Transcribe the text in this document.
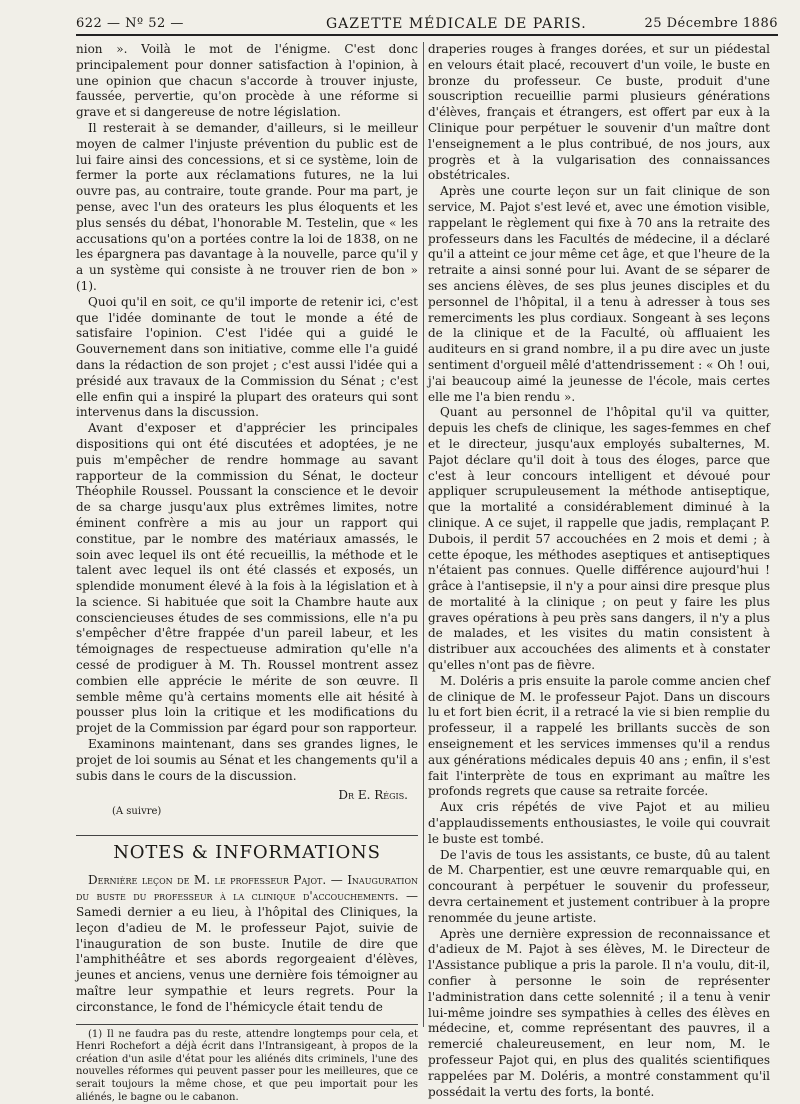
622 — Nº 52 —	GAZETTE MÉDICALE DE PARIS.	25 Décembre 1886

nion ». Voilà le mot de l'énigme. C'est donc principalement pour donner satisfaction à l'opinion, à une opinion que chacun s'accorde à trouver injuste, faussée, pervertie, qu'on procède à une réforme si grave et si dangereuse de notre législation.

Il resterait à se demander, d'ailleurs, si le meilleur moyen de calmer l'injuste prévention du public est de lui faire ainsi des concessions, et si ce système, loin de fermer la porte aux réclamations futures, ne la lui ouvre pas, au contraire, toute grande. Pour ma part, je pense, avec l'un des orateurs les plus éloquents et les plus sensés du débat, l'honorable M. Testelin, que « les accusations qu'on a portées contre la loi de 1838, on ne les épargnera pas davantage à la nouvelle, parce qu'il y a un système qui consiste à ne trouver rien de bon » (1).

Quoi qu'il en soit, ce qu'il importe de retenir ici, c'est que l'idée dominante de tout le monde a été de satisfaire l'opinion. C'est l'idée qui a guidé le Gouvernement dans son initiative, comme elle l'a guidé dans la rédaction de son projet ; c'est aussi l'idée qui a présidé aux travaux de la Commission du Sénat ; c'est elle enfin qui a inspiré la plupart des orateurs qui sont intervenus dans la discussion.

Avant d'exposer et d'apprécier les principales dispositions qui ont été discutées et adoptées, je ne puis m'empêcher de rendre hommage au savant rapporteur de la commission du Sénat, le docteur Théophile Roussel. Poussant la conscience et le devoir de sa charge jusqu'aux plus extrêmes limites, notre éminent confrère a mis au jour un rapport qui constitue, par le nombre des matériaux amassés, le soin avec lequel ils ont été recueillis, la méthode et le talent avec lequel ils ont été classés et exposés, un splendide monument élevé à la fois à la législation et à la science. Si habituée que soit la Chambre haute aux consciencieuses études de ses commissions, elle n'a pu s'empêcher d'être frappée d'un pareil labeur, et les témoignages de respectueuse admiration qu'elle n'a cessé de prodiguer à M. Th. Roussel montrent assez combien elle apprécie le mérite de son œuvre. Il semble même qu'à certains moments elle ait hésité à pousser plus loin la critique et les modifications du projet de la Commission par égard pour son rapporteur.

Examinons maintenant, dans ses grandes lignes, le projet de loi soumis au Sénat et les changements qu'il a subis dans le cours de la discussion.

Dr E. Régis.
(A suivre)
NOTES & INFORMATIONS

Dernière leçon de M. le professeur Pajot. — Inauguration du buste du professeur à la clinique d'accouchements. — Samedi dernier a eu lieu, à l'hôpital des Cliniques, la leçon d'adieu de M. le professeur Pajot, suivie de l'inauguration de son buste. Inutile de dire que l'amphithéâtre et ses abords regorgeaient d'élèves, jeunes et anciens, venus une dernière fois témoigner au maître leur sympathie et leurs regrets. Pour la circonstance, le fond de l'hémicycle était tendu de

(1) Il ne faudra pas du reste, attendre longtemps pour cela, et Henri Rochefort a déjà écrit dans l'Intransigeant, à propos de la création d'un asile d'état pour les aliénés dits criminels, l'une des nouvelles réformes qui peuvent passer pour les meilleures, que ce serait toujours la même chose, et que peu importait pour les aliénés, le bagne ou le cabanon.

draperies rouges à franges dorées, et sur un piédestal en velours était placé, recouvert d'un voile, le buste en bronze du professeur. Ce buste, produit d'une souscription recueillie parmi plusieurs générations d'élèves, français et étrangers, est offert par eux à la Clinique pour perpétuer le souvenir d'un maître dont l'enseignement a le plus contribué, de nos jours, aux progrès et à la vulgarisation des connaissances obstétricales.

Après une courte leçon sur un fait clinique de son service, M. Pajot s'est levé et, avec une émotion visible, rappelant le règlement qui fixe à 70 ans la retraite des professeurs dans les Facultés de médecine, il a déclaré qu'il a atteint ce jour même cet âge, et que l'heure de la retraite a ainsi sonné pour lui. Avant de se séparer de ses anciens élèves, de ses plus jeunes disciples et du personnel de l'hôpital, il a tenu à adresser à tous ses remerciments les plus cordiaux. Songeant à ses leçons de la clinique et de la Faculté, où affluaient les auditeurs en si grand nombre, il a pu dire avec un juste sentiment d'orgueil mêlé d'attendrissement : « Oh ! oui, j'ai beaucoup aimé la jeunesse de l'école, mais certes elle me l'a bien rendu ».

Quant au personnel de l'hôpital qu'il va quitter, depuis les chefs de clinique, les sages-femmes en chef et le directeur, jusqu'aux employés subalternes, M. Pajot déclare qu'il doit à tous des éloges, parce que c'est à leur concours intelligent et dévoué pour appliquer scrupuleusement la méthode antiseptique, que la mortalité a considérablement diminué à la clinique. A ce sujet, il rappelle que jadis, remplaçant P. Dubois, il perdit 57 accouchées en 2 mois et demi ; à cette époque, les méthodes aseptiques et antiseptiques n'étaient pas connues. Quelle différence aujourd'hui ! grâce à l'antisepsie, il n'y a pour ainsi dire presque plus de mortalité à la clinique ; on peut y faire les plus graves opérations à peu près sans dangers, il n'y a plus de malades, et les visites du matin consistent à distribuer aux accouchées des aliments et à constater qu'elles n'ont pas de fièvre.

M. Doléris a pris ensuite la parole comme ancien chef de clinique de M. le professeur Pajot. Dans un discours lu et fort bien écrit, il a retracé la vie si bien remplie du professeur, il a rappelé les brillants succès de son enseignement et les services immenses qu'il a rendus aux générations médicales depuis 40 ans ; enfin, il s'est fait l'interprète de tous en exprimant au maître les profonds regrets que cause sa retraite forcée.

Aux cris répétés de vive Pajot et au milieu d'applaudissements enthousiastes, le voile qui couvrait le buste est tombé.

De l'avis de tous les assistants, ce buste, dû au talent de M. Charpentier, est une œuvre remarquable qui, en concourant à perpétuer le souvenir du professeur, devra certainement et justement contribuer à la propre renommée du jeune artiste.

Après une dernière expression de reconnaissance et d'adieux de M. Pajot à ses élèves, M. le Directeur de l'Assistance publique a pris la parole. Il n'a voulu, dit-il, confier à personne le soin de représenter l'administration dans cette solennité ; il a tenu à venir lui-même joindre ses sympathies à celles des élèves en médecine, et, comme représentant des pauvres, il a remercié chaleureusement, en leur nom, M. le professeur Pajot qui, en plus des qualités scientifiques rappelées par M. Doléris, a montré constamment qu'il possédait la vertu des forts, la bonté.
